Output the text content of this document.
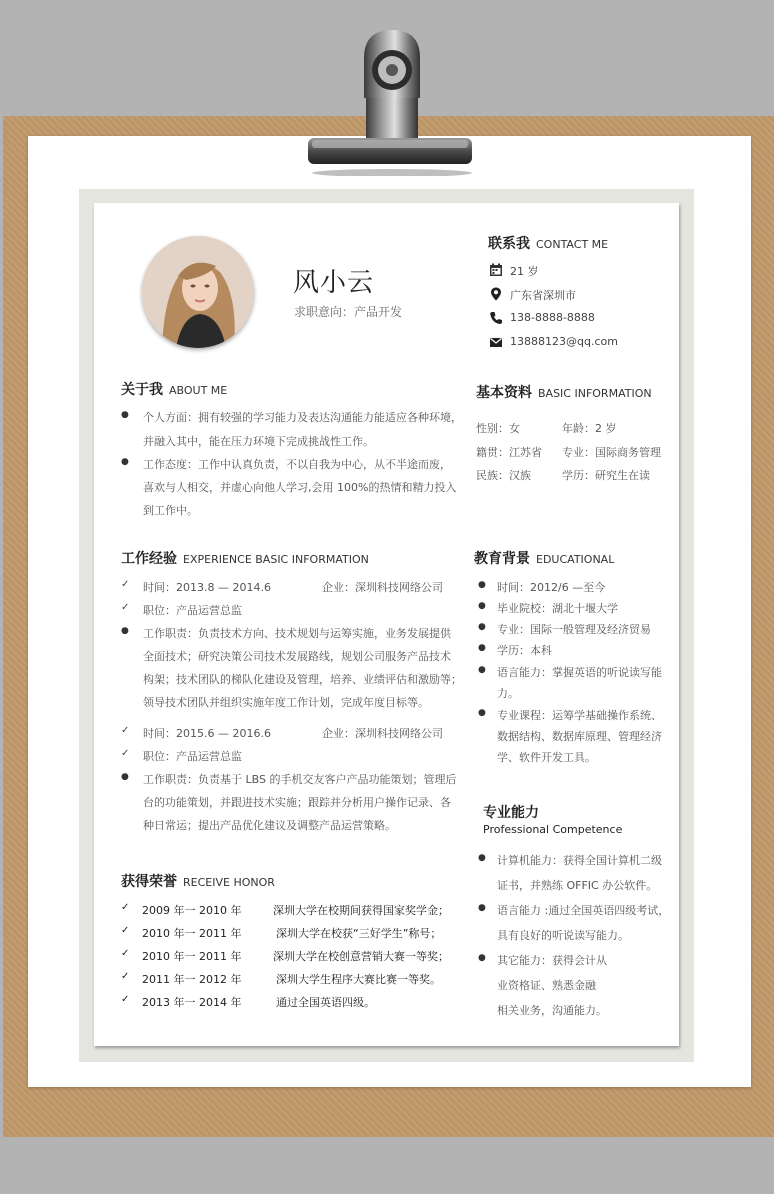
风小云
求职意向：产品开发
联系我 CONTACT ME
21 岁
广东省深圳市
138-8888-8888
13888123@qq.com
关于我 ABOUT ME
● 个人方面：拥有较强的学习能力及表达沟通能力能适应各种环境，
并融入其中，能在压力环境下完成挑战性工作。
● 工作态度：工作中认真负责，不以自我为中心，从不半途而废，
喜欢与人相交，并虚心向他人学习,会用 100%的热情和精力投入
到工作中。
基本资料 BASIC INFORMATION
性别：女	年龄：2 岁
籍贯：江苏省 专业：国际商务管理
民族：汉族	学历：研究生在读
工作经验 EXPERIENCE BASIC INFORMATION
✓ 时间：2013.8 — 2014.6	企业：深圳科技网络公司
✓ 职位：产品运营总监
● 工作职责：负责技术方向、技术规划与运筹实施，业务发展提供
全面技术；研究决策公司技术发展路线，规划公司服务产品技术
构架；技术团队的梯队化建设及管理，培养、业绩评估和激励等；
领导技术团队并组织实施年度工作计划，完成年度目标等。
✓ 时间：2015.6 — 2016.6	企业：深圳科技网络公司
✓ 职位：产品运营总监
● 工作职责：负责基于 LBS 的手机交友客户产品功能策划；管理后
台的功能策划，并跟进技术实施；跟踪并分析用户操作记录、各
种日常运；提出产品优化建议及调整产品运营策略。
教育背景 EDUCATIONAL
● 时间：2012/6 —至今
● 毕业院校：湖北十堰大学
● 专业：国际一般管理及经济贸易
● 学历：本科
● 语言能力：掌握英语的听说读写能
力。
● 专业课程：运筹学基础操作系统、
数据结构、数据库原理、管理经济
学、软件开发工具。
专业能力
Professional Competence
● 计算机能力：获得全国计算机二级
证书，并熟练 OFFIC 办公软件。
● 语言能力 :通过全国英语四级考试，
具有良好的听说读写能力。
● 其它能力：获得会计从
业资格证、熟悉金融
相关业务，沟通能力。
获得荣誉 RECEIVE HONOR
✓ 2009 年一 2010 年	深圳大学在校期间获得国家奖学金；
✓ 2010 年一 2011 年	深圳大学在校获“三好学生”称号；
✓ 2010 年一 2011 年	深圳大学在校创意营销大赛一等奖；
✓ 2011 年一 2012 年	深圳大学生程序大赛比赛一等奖。
✓ 2013 年一 2014 年	通过全国英语四级。
